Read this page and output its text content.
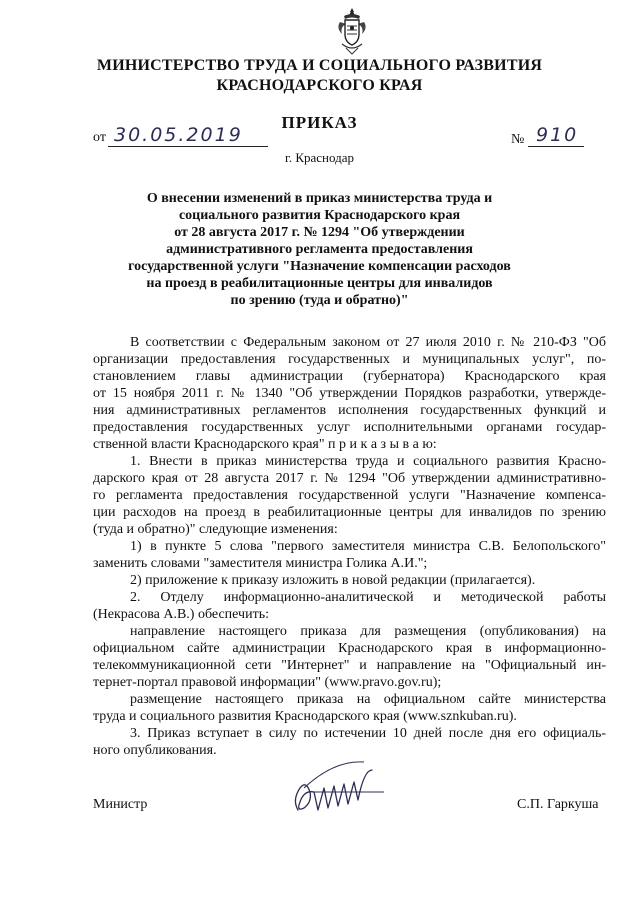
МИНИСТЕРСТВО ТРУДА И СОЦИАЛЬНОГО РАЗВИТИЯ
КРАСНОДАРСКОГО КРАЯ
ПРИКАЗ
от 30.05.2019	№ 910
г. Краснодар
О внесении изменений в приказ министерства труда и
социального развития Краснодарского края
от 28 августа 2017 г. № 1294 "Об утверждении
административного регламента предоставления
государственной услуги "Назначение компенсации расходов
на проезд в реабилитационные центры для инвалидов
по зрению (туда и обратно)"
В соответствии с Федеральным законом от 27 июля 2010 г. № 210-ФЗ "Об
организации предоставления государственных и муниципальных услуг", по-
становлением главы администрации (губернатора) Краснодарского края
от 15 ноября 2011 г. № 1340 "Об утверждении Порядков разработки, утвержде-
ния административных регламентов исполнения государственных функций и
предоставления государственных услуг исполнительными органами государ-
ственной власти Краснодарского края" п р и к а з ы в а ю:
1. Внести в приказ министерства труда и социального развития Красно-
дарского края от 28 августа 2017 г. № 1294 "Об утверждении административно-
го регламента предоставления государственной услуги "Назначение компенса-
ции расходов на проезд в реабилитационные центры для инвалидов по зрению
(туда и обратно)" следующие изменения:
1) в пункте 5 слова "первого заместителя министра С.В. Белопольского"
заменить словами "заместителя министра Голика А.И.";
2) приложение к приказу изложить в новой редакции (прилагается).
2. Отделу информационно-аналитической и методической работы
(Некрасова А.В.) обеспечить:
направление настоящего приказа для размещения (опубликования) на
официальном сайте администрации Краснодарского края в информационно-
телекоммуникационной сети "Интернет" и направление на "Официальный ин-
тернет-портал правовой информации" (www.pravo.gov.ru);
размещение настоящего приказа на официальном сайте министерства
труда и социального развития Краснодарского края (www.sznkuban.ru).
3. Приказ вступает в силу по истечении 10 дней после дня его официаль-
ного опубликования.
Министр	С.П. Гаркуша
